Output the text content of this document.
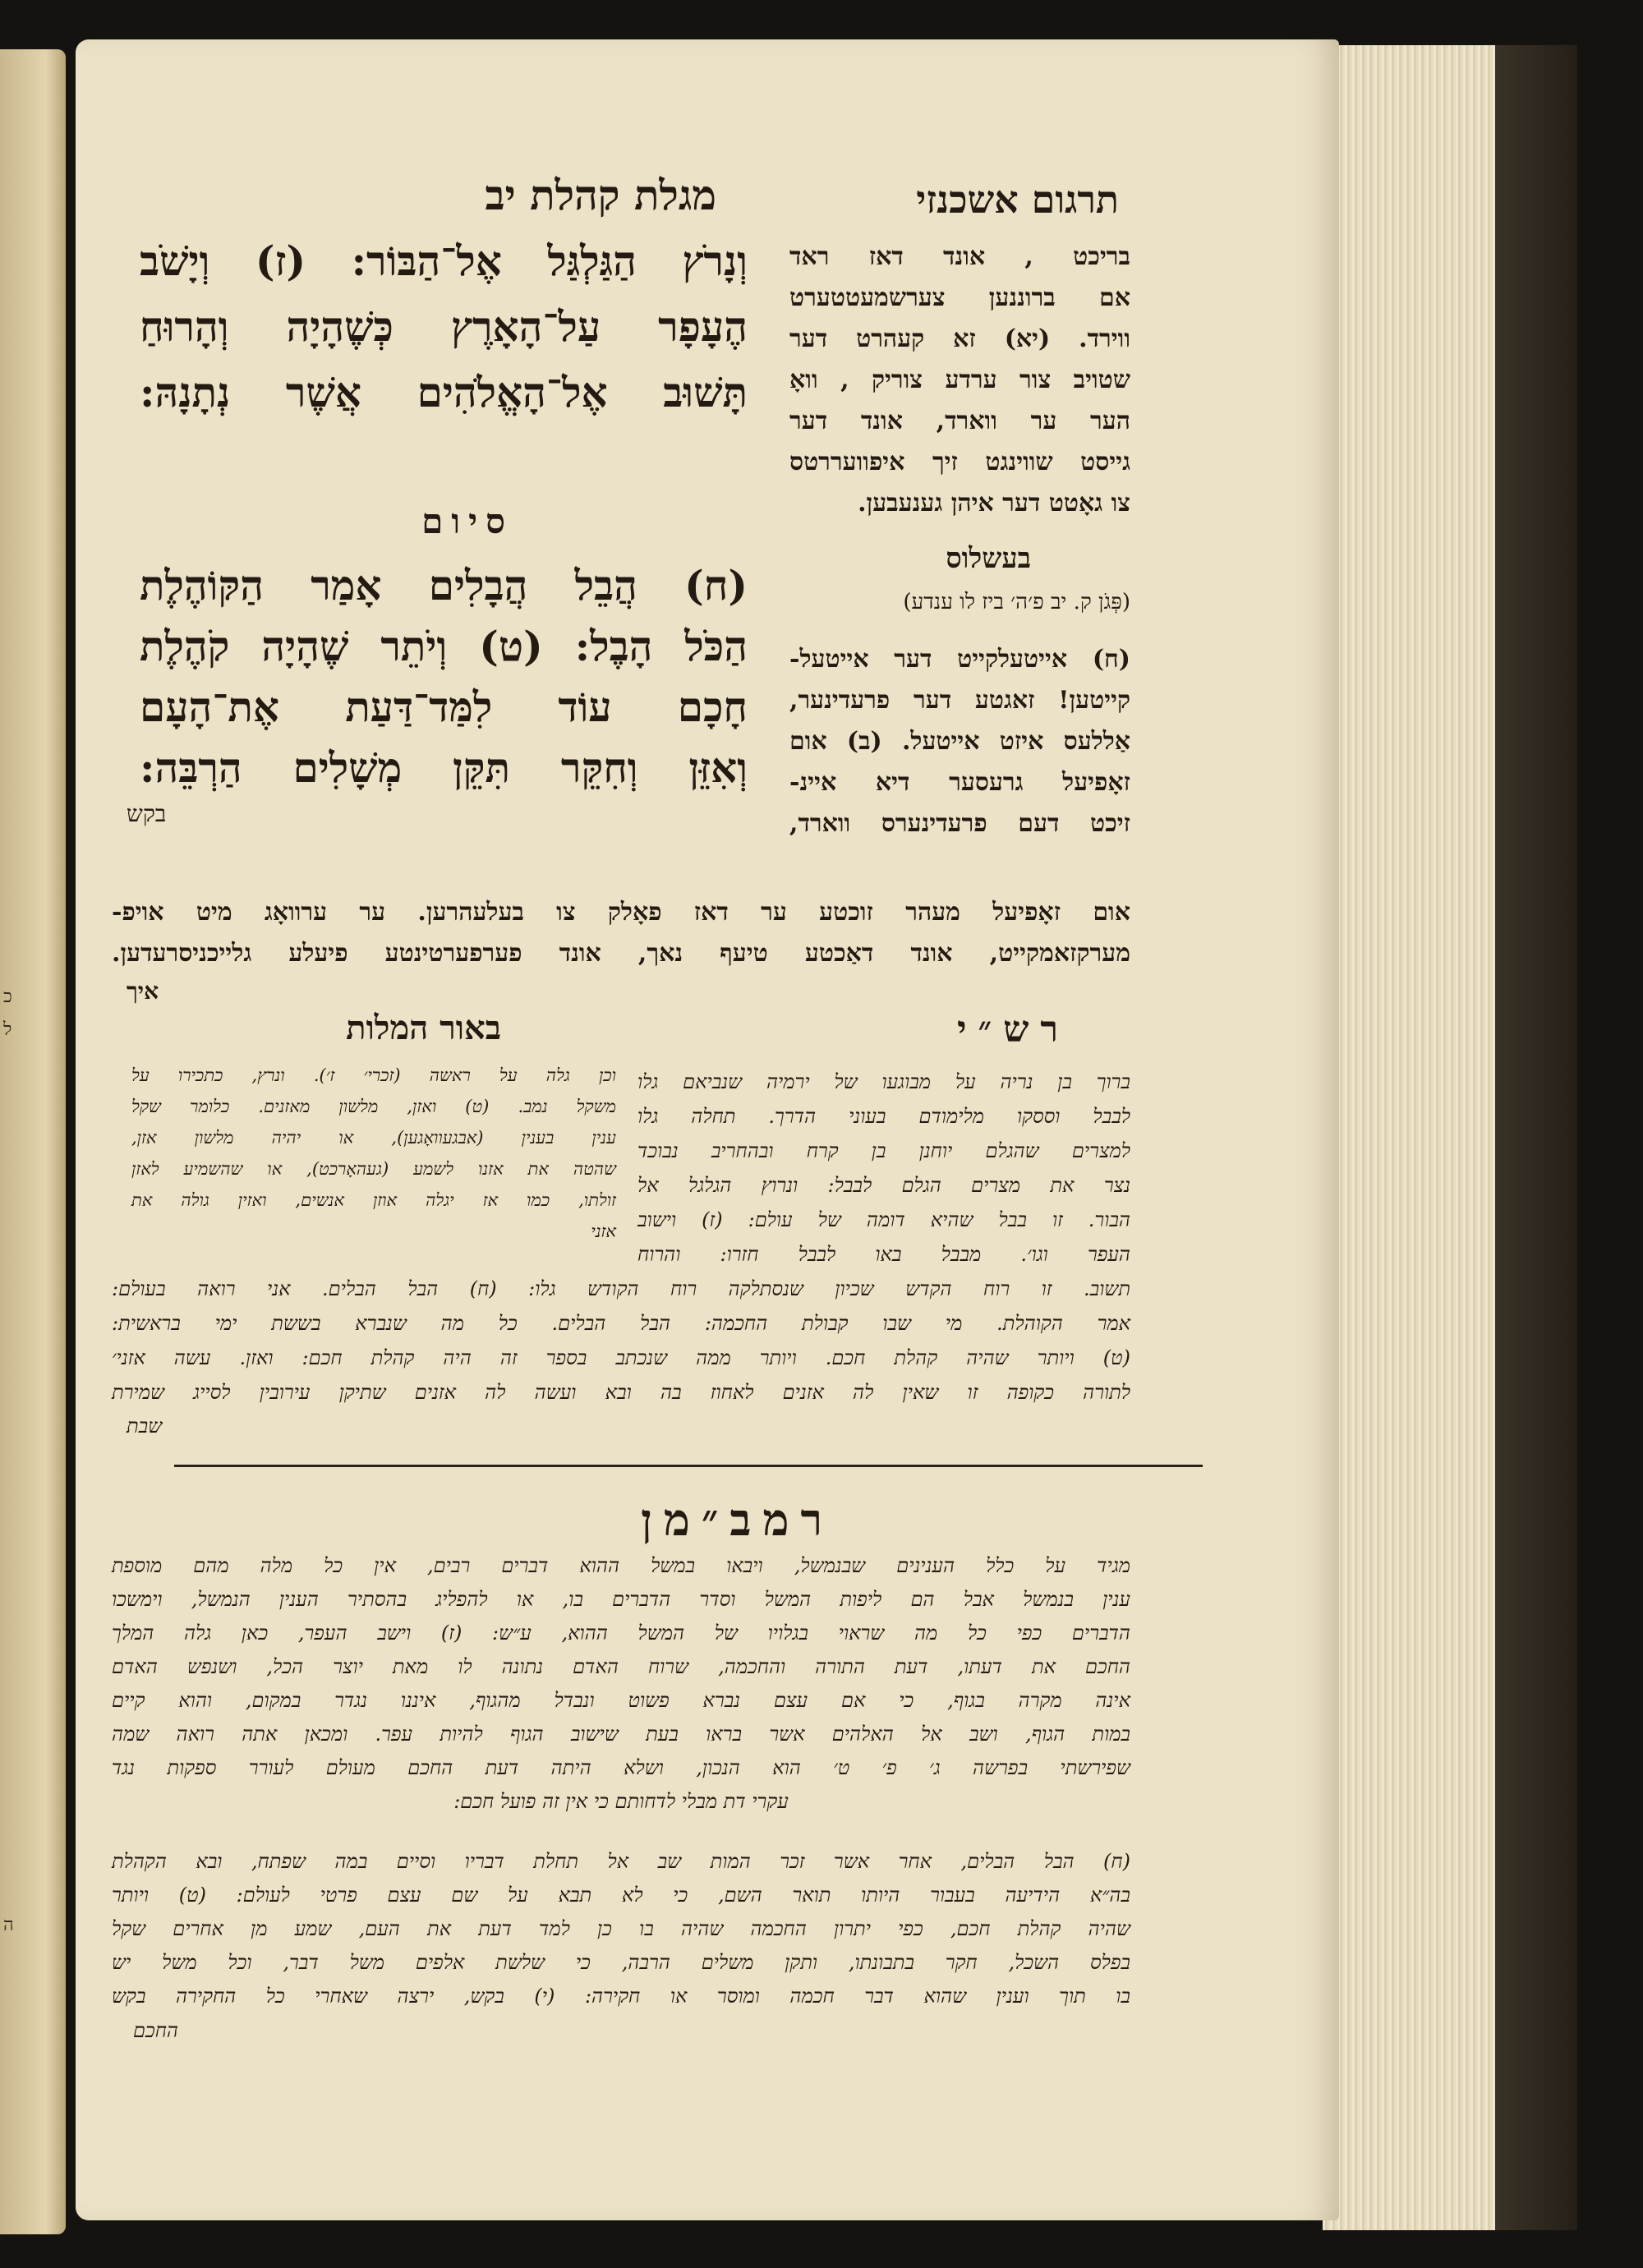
כ
ל
ה
תרגום אשכנזי
מגלת קהלת יב

בריכט , אונד דאז ראד

אם ברוננען צערשמעטטערט

ווירד. (יא) זא קעהרט דער

שטויב צור ערדע צוריק , וואָ

הער ער ווארד, אונד דער

גייסט שווינגט זיך איפוועררטס

צו גאָטט דער איהן גענעבען.

בעשלוס
(פְּגֹן ק. יב פ׳ה׳ ביז לו ענדע)

(ח) אייטעלקייט דער אייטעל-

קייטען! זאגטע דער פרעדינער,

אַללעס איזט אייטעל. (ב) אום

זאָפיעל גרעסער דיא איינ-

זיכט דעם פרעדינערס ווארד,

וְנָרֹץ הַגַּלְגַּל אֶל־הַבּוֹר: (ז) וְיָשֹׁב

הֶעָפָר עַל־הָאָרֶץ כְּשֶׁהָיָה וְהָרוּחַ

תָּשׁוּב אֶל־הָאֱלֹהִים אֲשֶׁר נְתָנָהּ:

סיום

(ח) הֲבֵל הֲבָלִים אָמַר הַקּוֹהֶלֶת

הַכֹּל הָבֶל: (ט) וְיֹתֵר שֶׁהָיָה קֹהֶלֶת

חָכָם עוֹד לִמַּד־דַּעַת אֶת־הָעָם

וְאִזֵּן וְחִקֵּר תִּקֵּן מְשָׁלִים הַרְבֵּה:

בקש

אום זאָפיעל מעהר זוכטע ער דאז פאָלק צו בעלעהרען. ער ערוואָג מיט אויפ-

מערקזאמקייט, אונד דאַכטע טיעף נאך, אונד פערפערטינטע פיעלע גלייכניסרעדען.

איך
רש״י

ברוך בן נריה על מבוגעו של ירמיה שנביאם גלו

לבבל וססקו מלימודם בעוני הדרך. תחלה גלו

למצרים שהגלם יוחנן בן קרח ובהחריב נבוכד

נצר את מצרים הגלם לבבל: ונרוץ הגלגל אל

הבור. זו בבל שהיא דומה של עולם: (ז) וישוב

העפר וגו׳. מבבל באו לבבל חזרו: והרוח

באור המלות

וכן גלה על ראשה (זכרי׳ ז׳). ונרץ, כתכירו על

משקל נמב. (ט) ואזן, מלשון מאזנים. כלומר שקל

ענין בענין (אבגעוואָגען), או יהיה מלשון אזן,

שהטה את אזנו לשמע (געהאָרכט), או שהשמיע לאזן

זולתו, כמו אז יגלה אוזן אנשים, ואזין גולה את

אזני

תשוב. זו רוח הקדש שכיון שנסתלקה רוח הקודש גלו: (ח) הבל הבלים. אני רואה בעולם:

אמר הקוהלת. מי שבו קבולת החכמה: הבל הבלים. כל מה שנברא בששת ימי בראשית:

(ט) ויותר שהיה קהלת חכם. ויותר ממה שנכתב בספר זה היה קהלת חכם: ואזן. עשה אזני׳

לתורה כקופה זו שאין לה אזנים לאחוז בה ובא ועשה לה אזנים שתיקן עירובין לסייג שמירת

שבת
רמב״מן

מגיד על כלל הענינים שבנמשל, ויבאו במשל ההוא דברים רבים, אין כל מלה מהם מוספת

ענין בנמשל אבל הם ליפות המשל וסדר הדברים בו, או להפליג בהסתיר הענין הנמשל, וימשכו

הדברים כפי כל מה שראוי בגלויו של המשל ההוא, ע״ש: (ז) וישב העפר, כאן גלה המלך

החכם את דעתו, דעת התורה והחכמה, שרוח האדם נתונה לו מאת יוצר הכל, ושנפש האדם

אינה מקרה בגוף, כי אם עצם נברא פשוט ונבדל מהגוף, איננו נגדר במקום, והוא קיים

במות הגוף, ושב אל האלהים אשר בראו בעת שישוב הגוף להיות עפר. ומכאן אתה רואה שמה

שפירשתי בפרשה ג׳ פ׳ ט׳ הוא הנכון, ושלא היתה דעת החכם מעולם לעורר ספקות נגד

עקרי דת מבלי לדחותם כי אין זה פועל חכם:

(ח) הבל הבלים, אחר אשר זכר המות שב אל תחלת דבריו וסיים במה שפתח, ובא הקהלת

בה״א הידיעה בעבור היותו תואר השם, כי לא תבא על שם עצם פרטי לעולם: (ט) ויותר

שהיה קהלת חכם, כפי יתרון החכמה שהיה בו כן למד דעת את העם, שמע מן אחרים שקל

בפלס השכל, חקר בתבונתו, ותקן משלים הרבה, כי שלשת אלפים משל דבר, וכל משל יש

בו תוך וענין שהוא דבר חכמה ומוסר או חקירה: (י) בקש, ירצה שאחרי כל החקירה בקש

החכם
